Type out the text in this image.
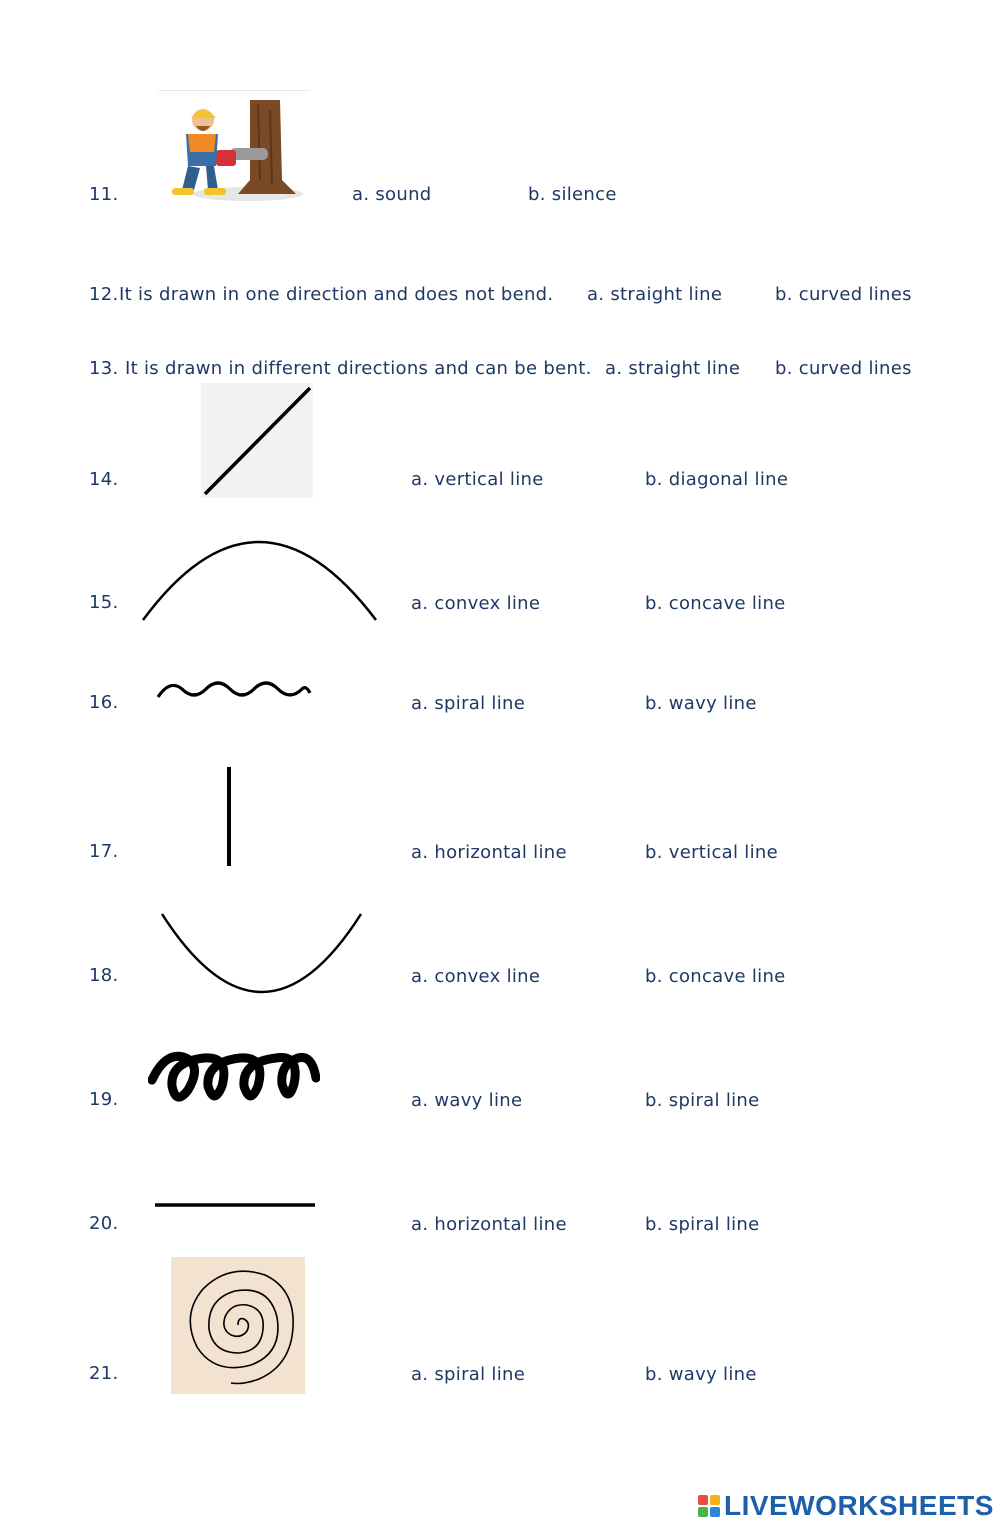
11.	a. sound	b. silence
12. It is drawn in one direction and does not bend. a. straight line	b. curved lines
13. It is drawn in different directions and can be bent. a. straight line b. curved lines
14.	a. vertical line	b. diagonal line
15.	a. convex line	b. concave line
16.	a. spiral line	b. wavy line
17.	a. horizontal line	b. vertical line
18.	a. convex line	b. concave line
19.	a. wavy line	b. spiral line
20.	a. horizontal line	b. spiral line
21.	a. spiral line	b. wavy line
LIVEWORKSHEETS
